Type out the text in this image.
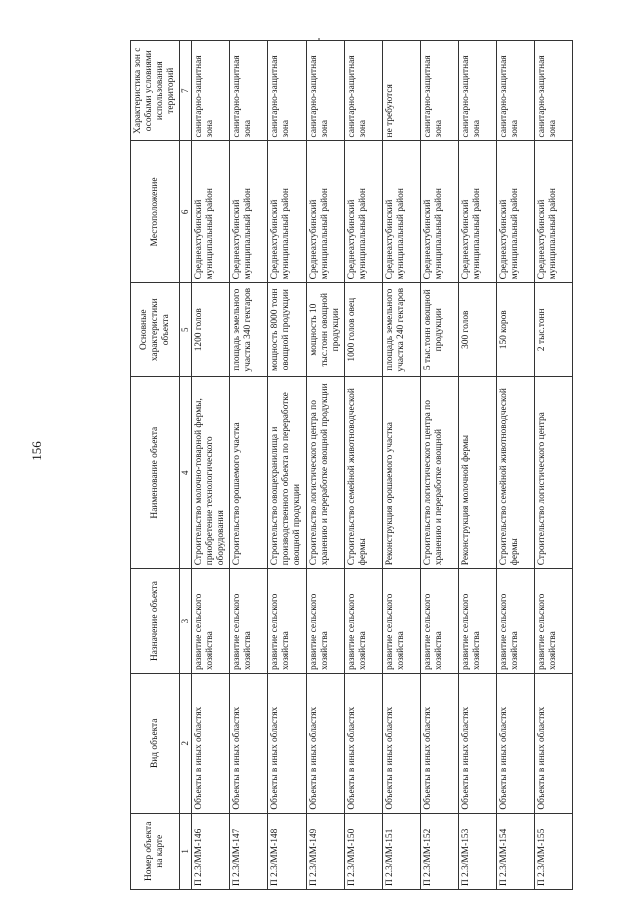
156
Номер объекта на карте	Вид объекта	Назначение объекта	Наименование объекта	Основные характеристики объекта	Местоположение	Характеристика зон с особыми условиями использования территорий
1	2	3	4	5	6	7
П 2.3/ММ-146	Объекты в иных областях	развитие сельского хозяйства	Строительство молочно-товарной фермы, приобретение технологического оборудования	1200 голов	Среднеахтубинский муниципальный район	санитарно-защитная зона
П 2.3/ММ-147	Объекты в иных областях	развитие сельского хозяйства	Строительство орошаемого участка	площадь земельного участка 340 гектаров	Среднеахтубинский муниципальный район	санитарно-защитная зона
П 2.3/ММ-148	Объекты в иных областях	развитие сельского хозяйства	Строительство овощехранилища и производственного объекта по переработке овощной продукции	мощность 8000 тонн овощной продукции	Среднеахтубинский муниципальный район	санитарно-защитная зона
П 2.3/ММ-149	Объекты в иных областях	развитие сельского хозяйства	Строительство логистического центра по хранению и переработке овощной продукции	мощность 10 тыс.тонн овощной продукции	Среднеахтубинский муниципальный район	санитарно-защитная зона
П 2.3/ММ-150	Объекты в иных областях	развитие сельского хозяйства	Строительство семейной животноводческой фермы	1000 голов овец	Среднеахтубинский муниципальный район	санитарно-защитная зона
П 2.3/ММ-151	Объекты в иных областях	развитие сельского хозяйства	Реконструкция орошаемого участка	площадь земельного участка 240 гектаров	Среднеахтубинский муниципальный район	не требуются
П 2.3/ММ-152	Объекты в иных областях	развитие сельского хозяйства	Строительство логистического центра по хранению и переработке овощной	5 тыс.тонн овощной продукции	Среднеахтубинский муниципальный район	санитарно-защитная зона
П 2.3/ММ-153	Объекты в иных областях	развитие сельского хозяйства	Реконструкция молочной фермы	300 голов	Среднеахтубинский муниципальный район	санитарно-защитная зона
П 2.3/ММ-154	Объекты в иных областях	развитие сельского хозяйства	Строительство семейной животноводческой фермы	150 коров	Среднеахтубинский муниципальный район	санитарно-защитная зона
П 2.3/ММ-155	Объекты в иных областях	развитие сельского хозяйства	Строительство логистического центра	2 тыс.тонн	Среднеахтубинский муниципальный район	санитарно-защитная зона
